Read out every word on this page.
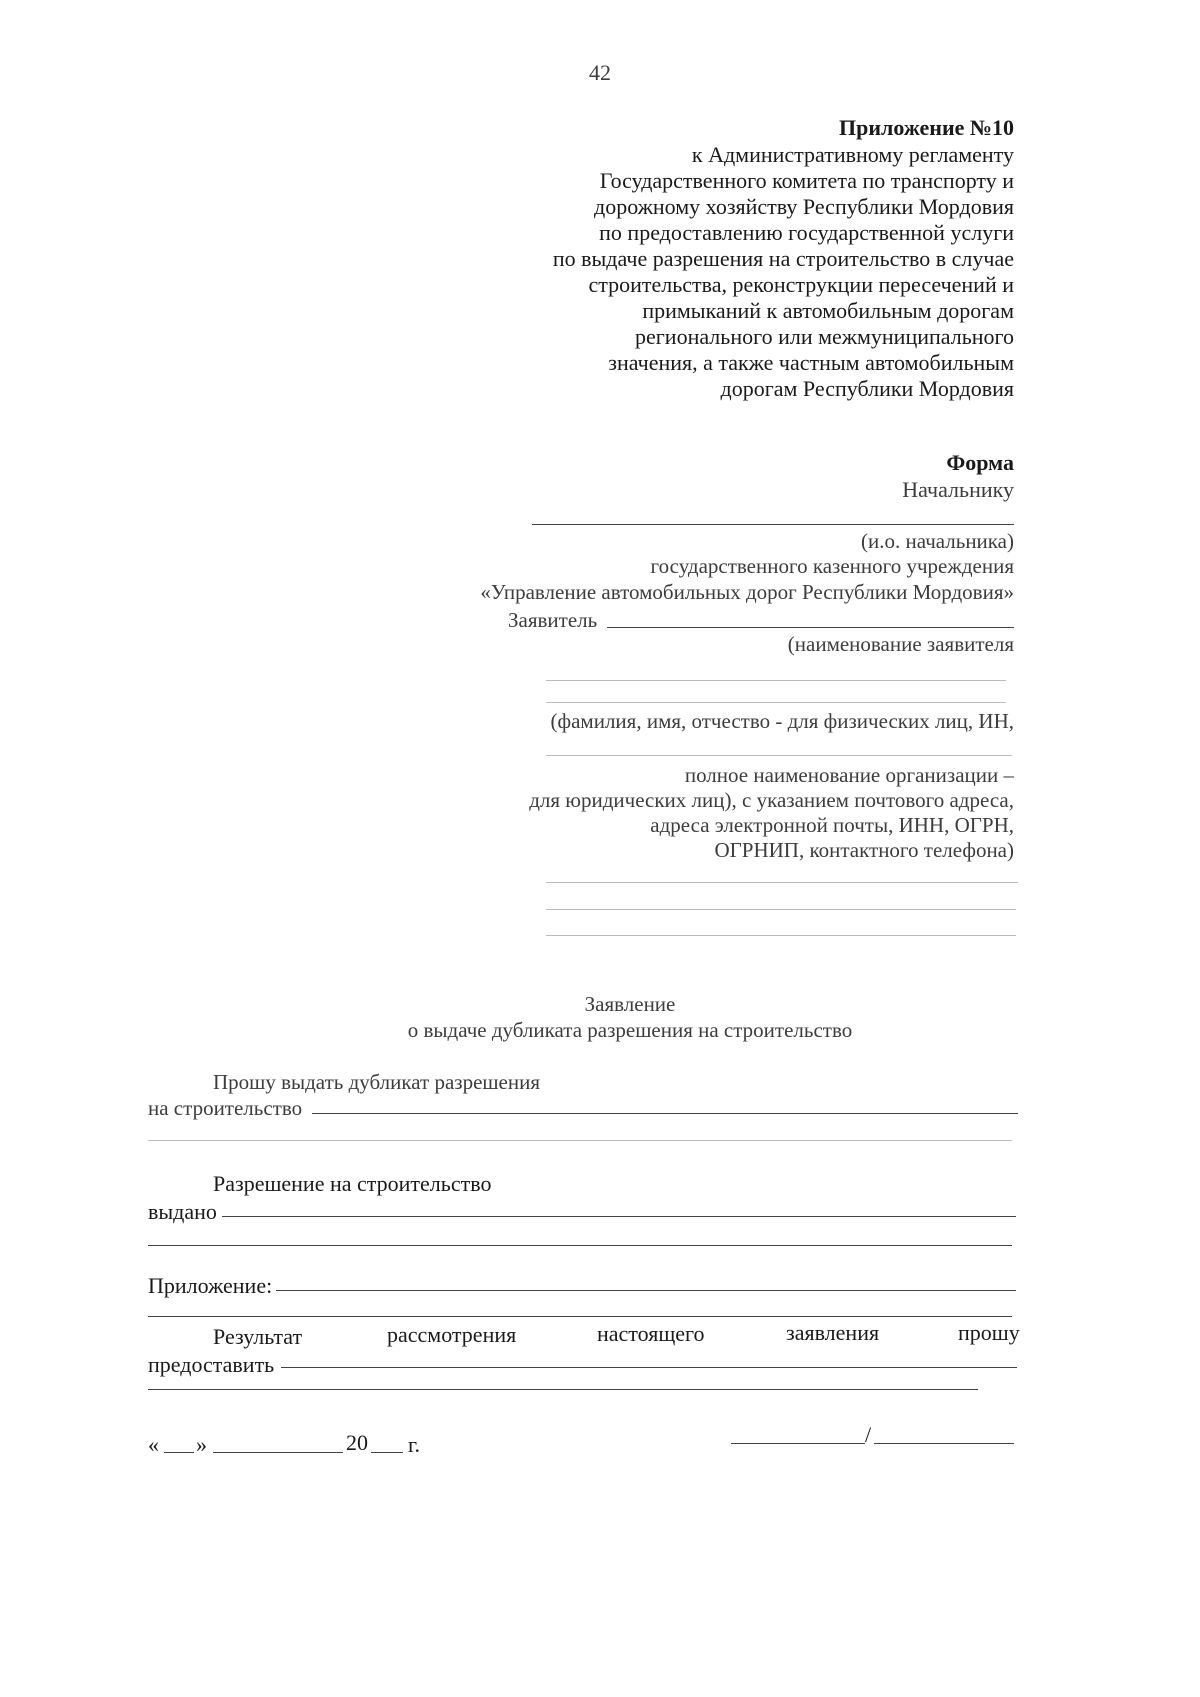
42
Приложение №10
к Административному регламенту
Государственного комитета по транспорту и
дорожному хозяйству Республики Мордовия
по предоставлению государственной услуги
по выдаче разрешения на строительство в случае
строительства, реконструкции пересечений и
примыканий к автомобильным дорогам
регионального или межмуниципального
значения, а также частным автомобильным
дорогам Республики Мордовия
Форма
Начальнику
(и.о. начальника)
государственного казенного учреждения
«Управление автомобильных дорог Республики Мордовия»
Заявитель
(наименование заявителя
(фамилия, имя, отчество - для физических лиц, ИН,
полное наименование организации –
для юридических лиц), с указанием почтового адреса,
адреса электронной почты, ИНН, ОГРН,
ОГРНИП, контактного телефона)
Заявление
о выдаче дубликата разрешения на строительство
Прошу выдать дубликат разрешения
на строительство
Разрешение на строительство
выдано
Приложение:
Результат	рассмотрения	настоящего	заявления	прошу
предоставить
« »	20 г.	/
